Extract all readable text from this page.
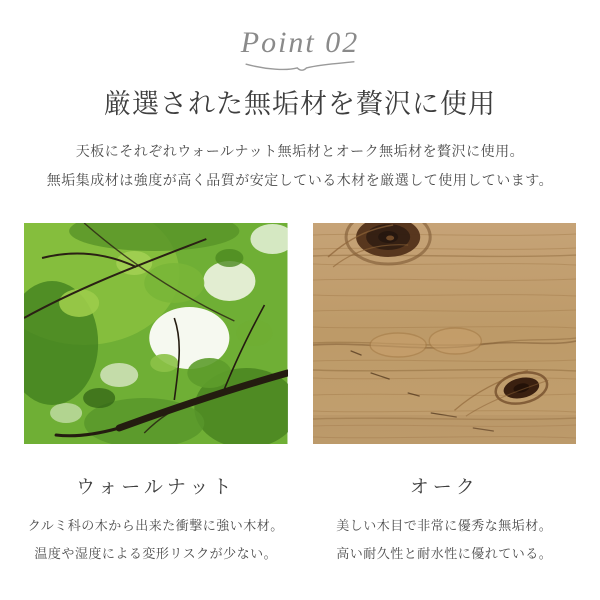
Point 02
厳選された無垢材を贅沢に使用

天板にそれぞれウォールナット無垢材とオーク無垢材を贅沢に使用。
無垢集成材は強度が高く品質が安定している木材を厳選して使用しています。

ウォールナット

クルミ科の木から出来た衝撃に強い木材。
温度や湿度による変形リスクが少ない。

オーク

美しい木目で非常に優秀な無垢材。
高い耐久性と耐水性に優れている。
